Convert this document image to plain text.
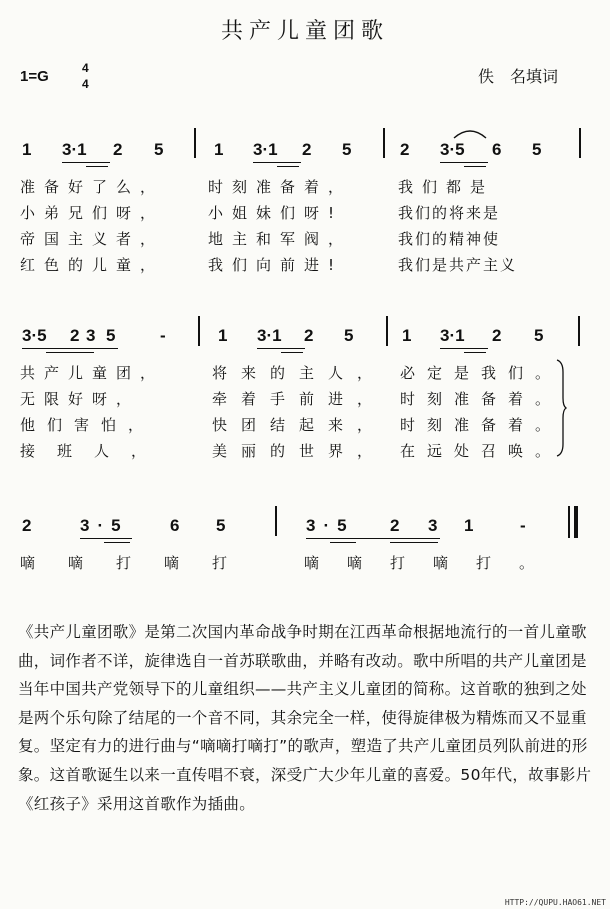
共产儿童团歌
1=G	4
4	佚　名填词
1 3·1 2 5	1 3·1 2 5	2 3·5 6 5
准备好了么，	时刻准备着，	我们都是
小弟兄们呀，	小姐妹们呀!	我们的将来是
帝国主义者，	地主和军阀，	我们的精神使
红色的儿童，	我们向前进!	我们是共产主义
3·5 2 3 5	-	1 3·1 2 5	1 3·1 2 5
共产儿童团，	将来的主人， 必定是我们。
无限好呀，	牵着手前进， 时刻准备着。
他们害怕，	快团结起来， 时刻准备着。
接班人，	美丽的世界， 在远处召唤。
2	3·5 6 5	3·5 2 3 1	-
嘀嘀打嘀打	嘀嘀打嘀打。
《共产儿童团歌》是第二次国内革命战争时期在江西革命根据地流行的一首儿童歌曲，词作者不详，旋律选自一首苏联歌曲，并略有改动。歌中所唱的共产儿童团是当年中国共产党领导下的儿童组织——共产主义儿童团的简称。这首歌的独到之处是两个乐句除了结尾的一个音不同，其余完全一样，使得旋律极为精炼而又不显重复。坚定有力的进行曲与“嘀嘀打嘀打”的歌声，塑造了共产儿童团员列队前进的形象。这首歌诞生以来一直传唱不衰，深受广大少年儿童的喜爱。50年代，故事影片《红孩子》采用这首歌作为插曲。
HTTP://QUPU.HAO61.NET
